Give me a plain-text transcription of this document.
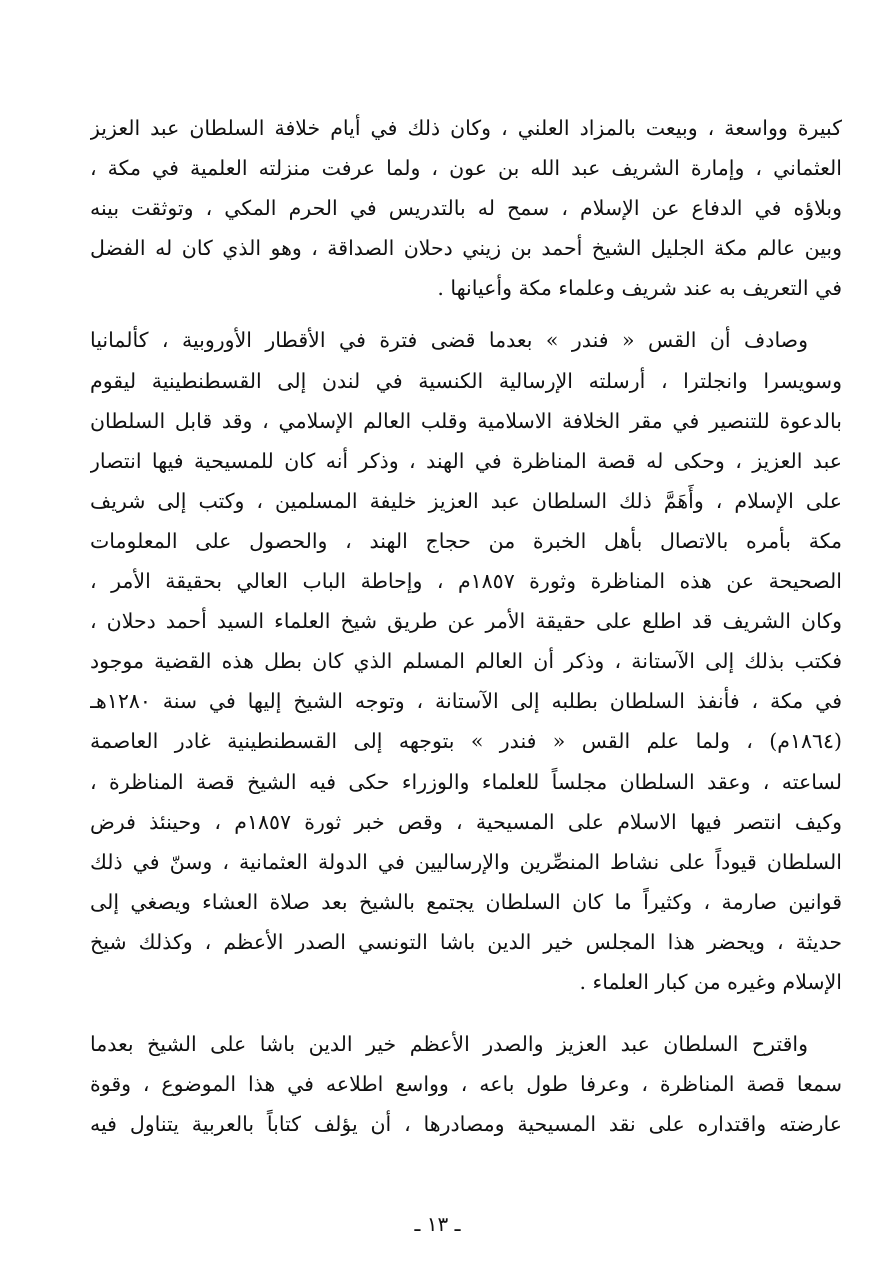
كبيرة وواسعة ، وبيعت بالمزاد العلني ، وكان ذلك في أيام خلافة السلطان عبد العزيز
العثماني ، وإمارة الشريف عبد الله بن عون ، ولما عرفت منزلته العلمية في مكة ،
وبلاؤه في الدفاع عن الإسلام ، سمح له بالتدريس في الحرم المكي ، وتوثقت بينه
وبين عالم مكة الجليل الشيخ أحمد بن زيني دحلان الصداقة ، وهو الذي كان له الفضل
في التعريف به عند شريف وعلماء مكة وأعيانها .
وصادف أن القس « فندر » بعدما قضى فترة في الأقطار الأوروبية ، كألمانيا
وسويسرا وانجلترا ، أرسلته الإرسالية الكنسية في لندن إلى القسطنطينية ليقوم
بالدعوة للتنصير في مقر الخلافة الاسلامية وقلب العالم الإسلامي ، وقد قابل السلطان
عبد العزيز ، وحكى له قصة المناظرة في الهند ، وذكر أنه كان للمسيحية فيها انتصار
على الإسلام ، وأَهَمَّ ذلك السلطان عبد العزيز خليفة المسلمين ، وكتب إلى شريف
مكة بأمره بالاتصال بأهل الخبرة من حجاج الهند ، والحصول على المعلومات
الصحيحة عن هذه المناظرة وثورة ١٨٥٧م ، وإحاطة الباب العالي بحقيقة الأمر ،
وكان الشريف قد اطلع على حقيقة الأمر عن طريق شيخ العلماء السيد أحمد دحلان ،
فكتب بذلك إلى الآستانة ، وذكر أن العالم المسلم الذي كان بطل هذه القضية موجود
في مكة ، فأنفذ السلطان بطلبه إلى الآستانة ، وتوجه الشيخ إليها في سنة ١٢٨٠هـ
(١٨٦٤م) ، ولما علم القس « فندر » بتوجهه إلى القسطنطينية غادر العاصمة
لساعته ، وعقد السلطان مجلساً للعلماء والوزراء حكى فيه الشيخ قصة المناظرة ،
وكيف انتصر فيها الاسلام على المسيحية ، وقص خبر ثورة ١٨٥٧م ، وحينئذ فرض
السلطان قيوداً على نشاط المنصِّرين والإرساليين في الدولة العثمانية ، وسنّ في ذلك
قوانين صارمة ، وكثيراً ما كان السلطان يجتمع بالشيخ بعد صلاة العشاء ويصغي إلى
حديثة ، ويحضر هذا المجلس خير الدين باشا التونسي الصدر الأعظم ، وكذلك شيخ
الإسلام وغيره من كبار العلماء .
واقترح السلطان عبد العزيز والصدر الأعظم خير الدين باشا على الشيخ بعدما
سمعا قصة المناظرة ، وعرفا طول باعه ، وواسع اطلاعه في هذا الموضوع ، وقوة
عارضته واقتداره على نقد المسيحية ومصادرها ، أن يؤلف كتاباً بالعربية يتناول فيه
ـ ١٣ ـ
